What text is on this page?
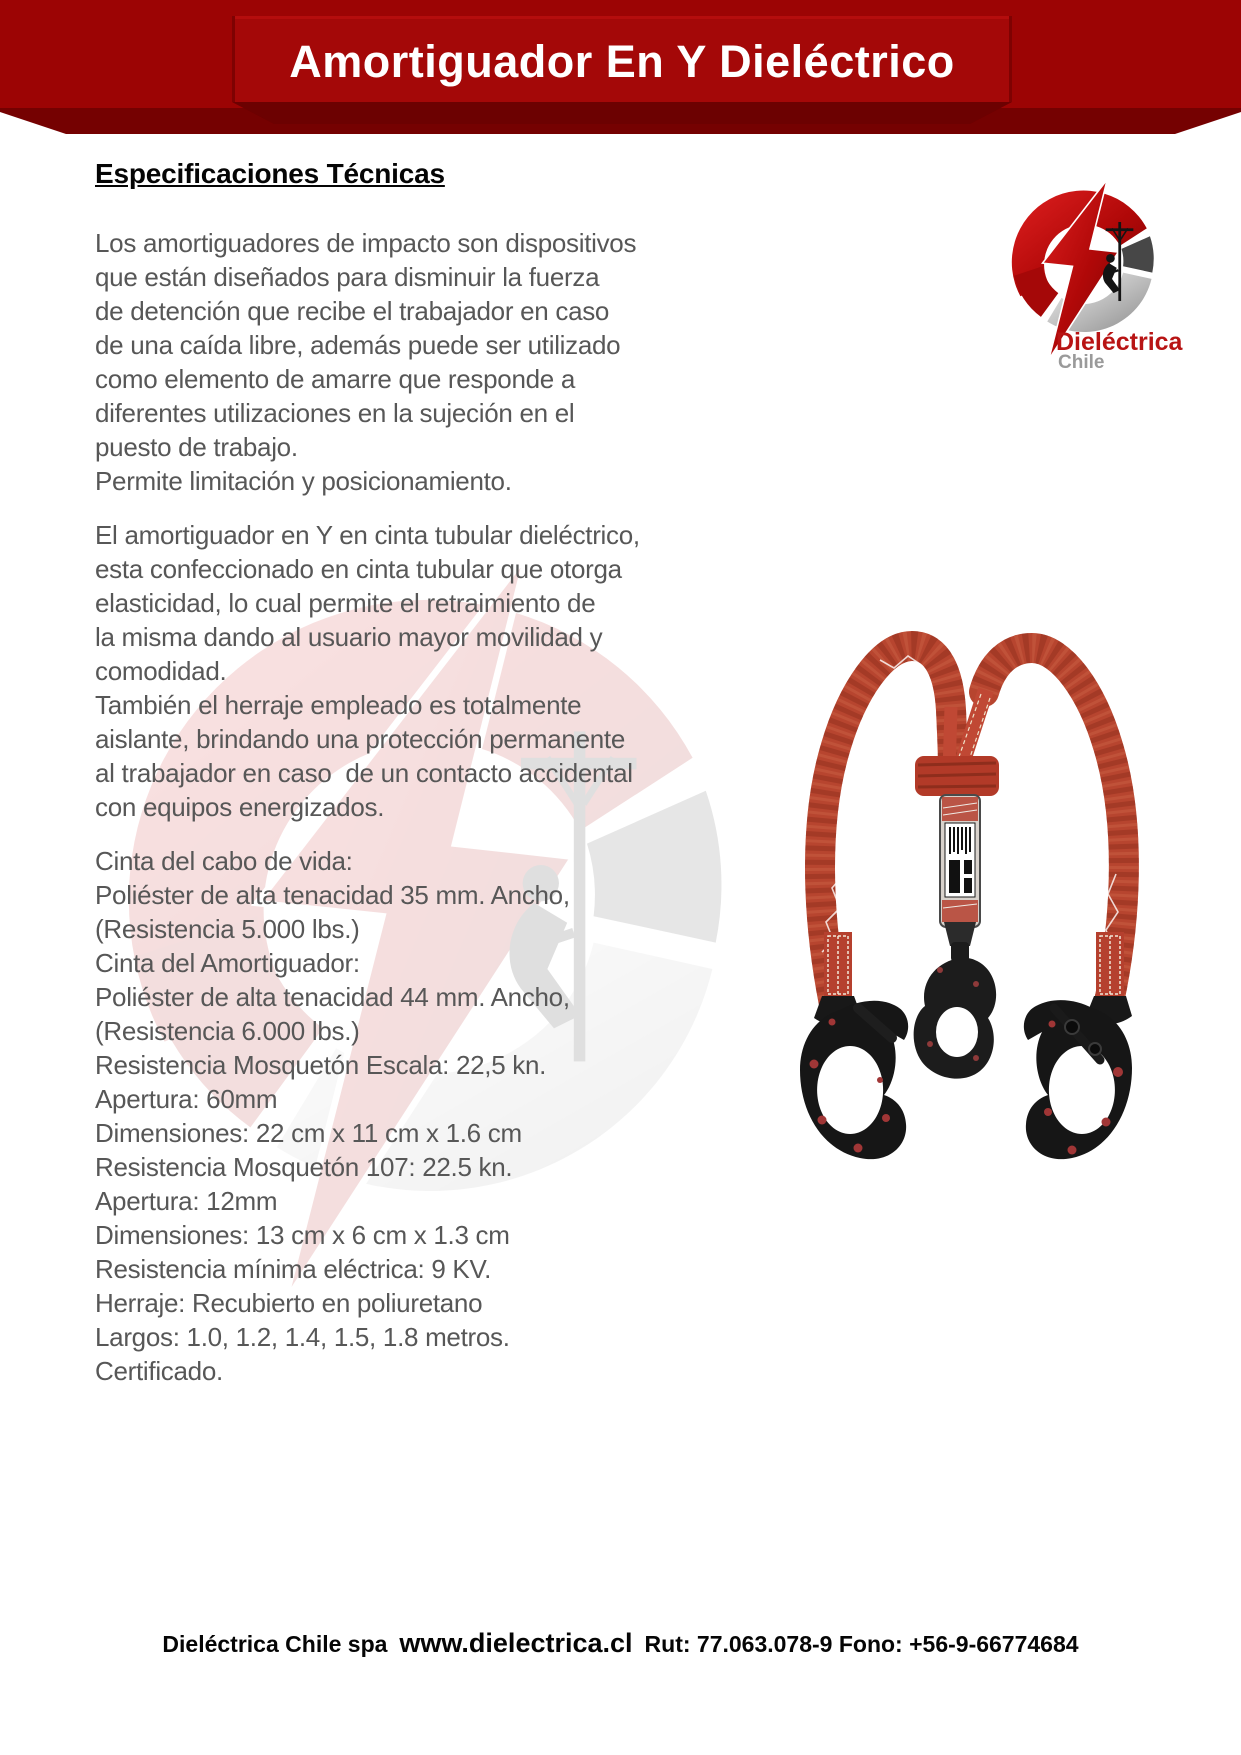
Amortiguador En Y Dieléctrico
Especificaciones Técnicas
Los amortiguadores de impacto son dispositivos
que están diseñados para disminuir la fuerza
de detención que recibe el trabajador en caso
de una caída libre, además puede ser utilizado
como elemento de amarre que responde a
diferentes utilizaciones en la sujeción en el
puesto de trabajo.
Permite limitación y posicionamiento.
El amortiguador en Y en cinta tubular dieléctrico,
esta confeccionado en cinta tubular que otorga
elasticidad, lo cual permite el retraimiento de
la misma dando al usuario mayor movilidad y
comodidad.
También el herraje empleado es totalmente
aislante, brindando una protección permanente
al trabajador en caso  de un contacto accidental
con equipos energizados.
Cinta del cabo de vida:
Poliéster de alta tenacidad 35 mm. Ancho,
(Resistencia 5.000 lbs.)
Cinta del Amortiguador:
Poliéster de alta tenacidad 44 mm. Ancho,
(Resistencia 6.000 lbs.)
Resistencia Mosquetón Escala: 22,5 kn.
Apertura: 60mm
Dimensiones: 22 cm x 11 cm x 1.6 cm
Resistencia Mosquetón 107: 22.5 kn.
Apertura: 12mm
Dimensiones: 13 cm x 6 cm x 1.3 cm
Resistencia mínima eléctrica: 9 KV.
Herraje: Recubierto en poliuretano
Largos: 1.0, 1.2, 1.4, 1.5, 1.8 metros.
Certificado.
Dieléctrica
Chile
Dieléctrica Chile spa www.dielectrica.cl Rut: 77.063.078-9 Fono: +56-9-66774684
